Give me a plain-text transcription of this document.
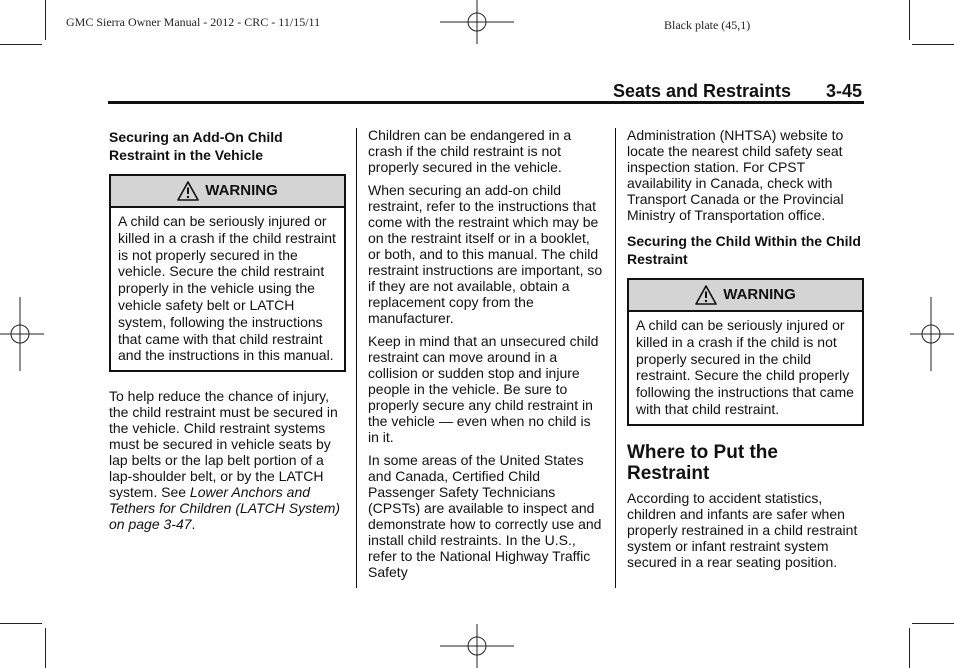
GMC Sierra Owner Manual - 2012 - CRC - 11/15/11	Black plate (45,1)
Seats and Restraints 3-45
Securing an Add-On Child Restraint in the Vehicle
WARNING
A child can be seriously injured or killed in a crash if the child restraint is not properly secured in the vehicle. Secure the child restraint properly in the vehicle using the vehicle safety belt or LATCH system, following the instructions that came with that child restraint and the instructions in this manual.

To help reduce the chance of injury, the child restraint must be secured in the vehicle. Child restraint systems must be secured in vehicle seats by lap belts or the lap belt portion of a lap-shoulder belt, or by the LATCH system. See Lower Anchors and Tethers for Children (LATCH System) on page 3-47.

Children can be endangered in a crash if the child restraint is not properly secured in the vehicle.

When securing an add-on child restraint, refer to the instructions that come with the restraint which may be on the restraint itself or in a booklet, or both, and to this manual. The child restraint instructions are important, so if they are not available, obtain a replacement copy from the manufacturer.

Keep in mind that an unsecured child restraint can move around in a collision or sudden stop and injure people in the vehicle. Be sure to properly secure any child restraint in the vehicle — even when no child is in it.

In some areas of the United States and Canada, Certified Child Passenger Safety Technicians (CPSTs) are available to inspect and demonstrate how to correctly use and install child restraints. In the U.S., refer to the National Highway Traffic Safety

Administration (NHTSA) website to locate the nearest child safety seat inspection station. For CPST availability in Canada, check with Transport Canada or the Provincial Ministry of Transportation office.

Securing the Child Within the Child Restraint
WARNING
A child can be seriously injured or killed in a crash if the child is not properly secured in the child restraint. Secure the child properly following the instructions that came with that child restraint.
Where to Put the Restraint

According to accident statistics, children and infants are safer when properly restrained in a child restraint system or infant restraint system secured in a rear seating position.
